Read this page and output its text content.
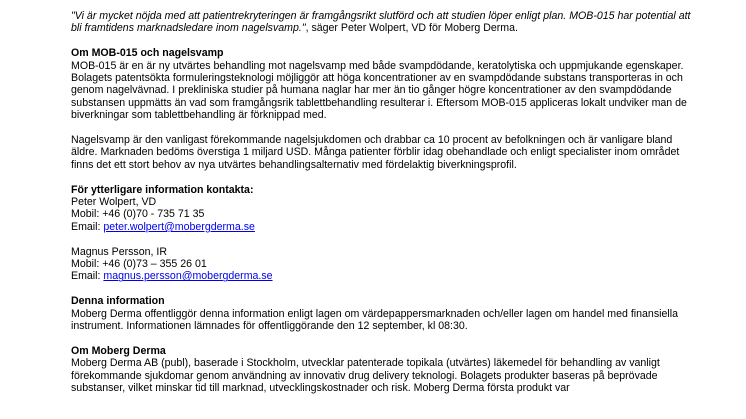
"Vi är mycket nöjda med att patientrekryteringen är framgångsrikt slutförd och att studien löper enligt plan. MOB-015 har potential att bli framtidens marknadsledare inom nagelsvamp.", säger Peter Wolpert, VD för Moberg Derma.

Om MOB-015 och nagelsvamp

MOB-015 är en är ny utvärtes behandling mot nagelsvamp med både svampdödande, keratolytiska och uppmjukande egenskaper. Bolagets patentsökta formuleringsteknologi möjliggör att höga koncentrationer av en svampdödande substans transporteras in och genom nagelvävnad. I prekliniska studier på humana naglar har mer än tio gånger högre koncentrationer av den svampdödande substansen uppmätts än vad som framgångsrik tablettbehandling resulterar i. Eftersom MOB-015 appliceras lokalt undviker man de biverkningar som tablettbehandling är förknippad med.

Nagelsvamp är den vanligast förekommande nagelsjukdomen och drabbar ca 10 procent av befolkningen och är vanligare bland äldre. Marknaden bedöms överstiga 1 miljard USD. Många patienter förblir idag obehandlade och enligt specialister inom området finns det ett stort behov av nya utvärtes behandlingsalternativ med fördelaktig biverkningsprofil.

För ytterligare information kontakta:

Peter Wolpert, VD

Mobil: +46 (0)70 - 735 71 35

Email: peter.wolpert@mobergderma.se

Magnus Persson, IR

Mobil: +46 (0)73 – 355 26 01

Email: magnus.persson@mobergderma.se

Denna information

Moberg Derma offentliggör denna information enligt lagen om värdepappersmarknaden och/eller lagen om handel med finansiella instrument. Informationen lämnades för offentliggörande den 12 september, kl 08:30.

Om Moberg Derma

Moberg Derma AB (publ), baserade i Stockholm, utvecklar patenterade topikala (utvärtes) läkemedel för behandling av vanligt förekommande sjukdomar genom användning av innovativ drug delivery teknologi. Bolagets produkter baseras på beprövade substanser, vilket minskar tid till marknad, utvecklingskostnader och risk. Moberg Derma första produkt var
